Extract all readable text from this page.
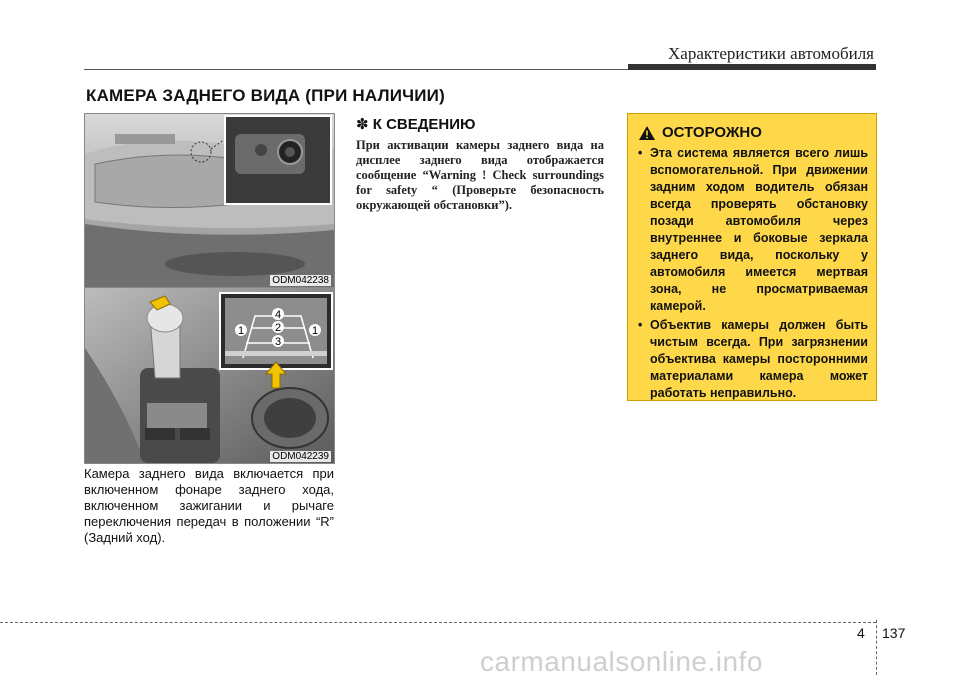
Характеристики автомобиля
КАМЕРА ЗАДНЕГО ВИДА (ПРИ НАЛИЧИИ)
ODM042238
1
4
2
3
1
ODM042239
Камера заднего вида включается при включенном фонаре заднего хода, включенном зажигании и рычаге переключения передач в положении “R” (Задний ход).
✽ К СВЕДЕНИЮ
При активации камеры заднего вида на дисплее заднего вида отображается сообщение “Warning ! Check surroundings for safety “ (Проверьте безопасность окружающей обстановки”).
ОСТОРОЖНО
• Эта система является всего лишь вспомогательной. При движении задним ходом водитель обязан всегда проверять обстановку позади автомобиля через внутреннее и боковые зеркала заднего вида, поскольку у автомобиля имеется мертвая зона, не просматриваемая камерой.
• Объектив камеры должен быть чистым всегда. При загрязнении объектива камеры посторонними материалами камера может работать неправильно.
4 137
carmanualsonline.info
